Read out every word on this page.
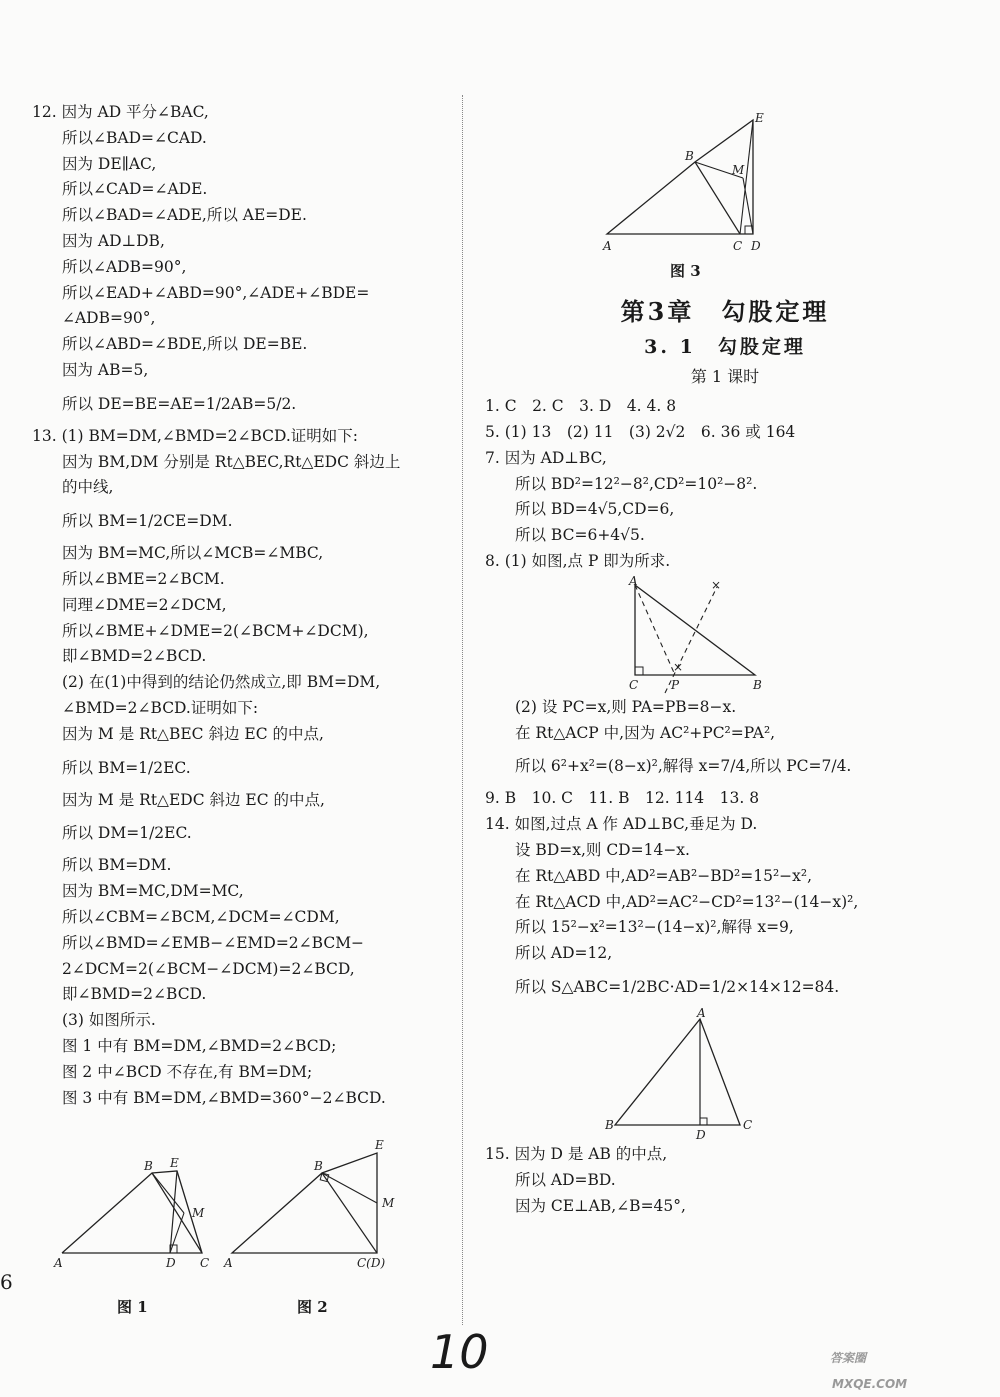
12. 因为 AD 平分∠BAC,
所以∠BAD=∠CAD.
因为 DE∥AC,
所以∠CAD=∠ADE.
所以∠BAD=∠ADE,所以 AE=DE.
因为 AD⊥DB,
所以∠ADB=90°,
所以∠EAD+∠ABD=90°,∠ADE+∠BDE=
∠ADB=90°,
所以∠ABD=∠BDE,所以 DE=BE.
因为 AB=5,
所以 DE=BE=AE=1/2AB=5/2.
13. (1) BM=DM,∠BMD=2∠BCD.证明如下:
因为 BM,DM 分别是 Rt△BEC,Rt△EDC 斜边上
的中线,
所以 BM=1/2CE=DM.
因为 BM=MC,所以∠MCB=∠MBC,
所以∠BME=2∠BCM.
同理∠DME=2∠DCM,
所以∠BME+∠DME=2(∠BCM+∠DCM),
即∠BMD=2∠BCD.
(2) 在(1)中得到的结论仍然成立,即 BM=DM,
∠BMD=2∠BCD.证明如下:
因为 M 是 Rt△BEC 斜边 EC 的中点,
所以 BM=1/2EC.
因为 M 是 Rt△EDC 斜边 EC 的中点,
所以 DM=1/2EC.
所以 BM=DM.
因为 BM=MC,DM=MC,
所以∠CBM=∠BCM,∠DCM=∠CDM,
所以∠BMD=∠EMB−∠EMD=2∠BCM−
2∠DCM=2(∠BCM−∠DCM)=2∠BCD,
即∠BMD=2∠BCD.
(3) 如图所示.
图 1 中有 BM=DM,∠BMD=2∠BCD;
图 2 中∠BCD 不存在,有 BM=DM;
图 3 中有 BM=DM,∠BMD=360°−2∠BCD.
A
B E
M
D C A
B
E
M
C(D)
图 1	图 2
A
B
E
M
C D
图 3
第3章　勾股定理
3. 1　勾股定理
第 1 课时
1. C　2. C　3. D　4. 4. 8
5. (1) 13　(2) 11　(3) 2√2　6. 36 或 164
7. 因为 AD⊥BC,
所以 BD²=12²−8²,CD²=10²−8².
所以 BD=4√5,CD=6,
所以 BC=6+4√5.
8. (1) 如图,点 P 即为所求.
A
C	P	B
×
×
(2) 设 PC=x,则 PA=PB=8−x.
在 Rt△ACP 中,因为 AC²+PC²=PA²,
所以 6²+x²=(8−x)²,解得 x=7/4,所以 PC=7/4.
9. B　10. C　11. B　12. 114　13. 8
14. 如图,过点 A 作 AD⊥BC,垂足为 D.
设 BD=x,则 CD=14−x.
在 Rt△ABD 中,AD²=AB²−BD²=15²−x²,
在 Rt△ACD 中,AD²=AC²−CD²=13²−(14−x)²,
所以 15²−x²=13²−(14−x)²,解得 x=9,
所以 AD=12,
所以 S△ABC=1/2BC·AD=1/2×14×12=84.
A
B
D
C
15. 因为 D 是 AB 的中点,
所以 AD=BD.
因为 CE⊥AB,∠B=45°,
6
10	答案圈
MXQE.COM
